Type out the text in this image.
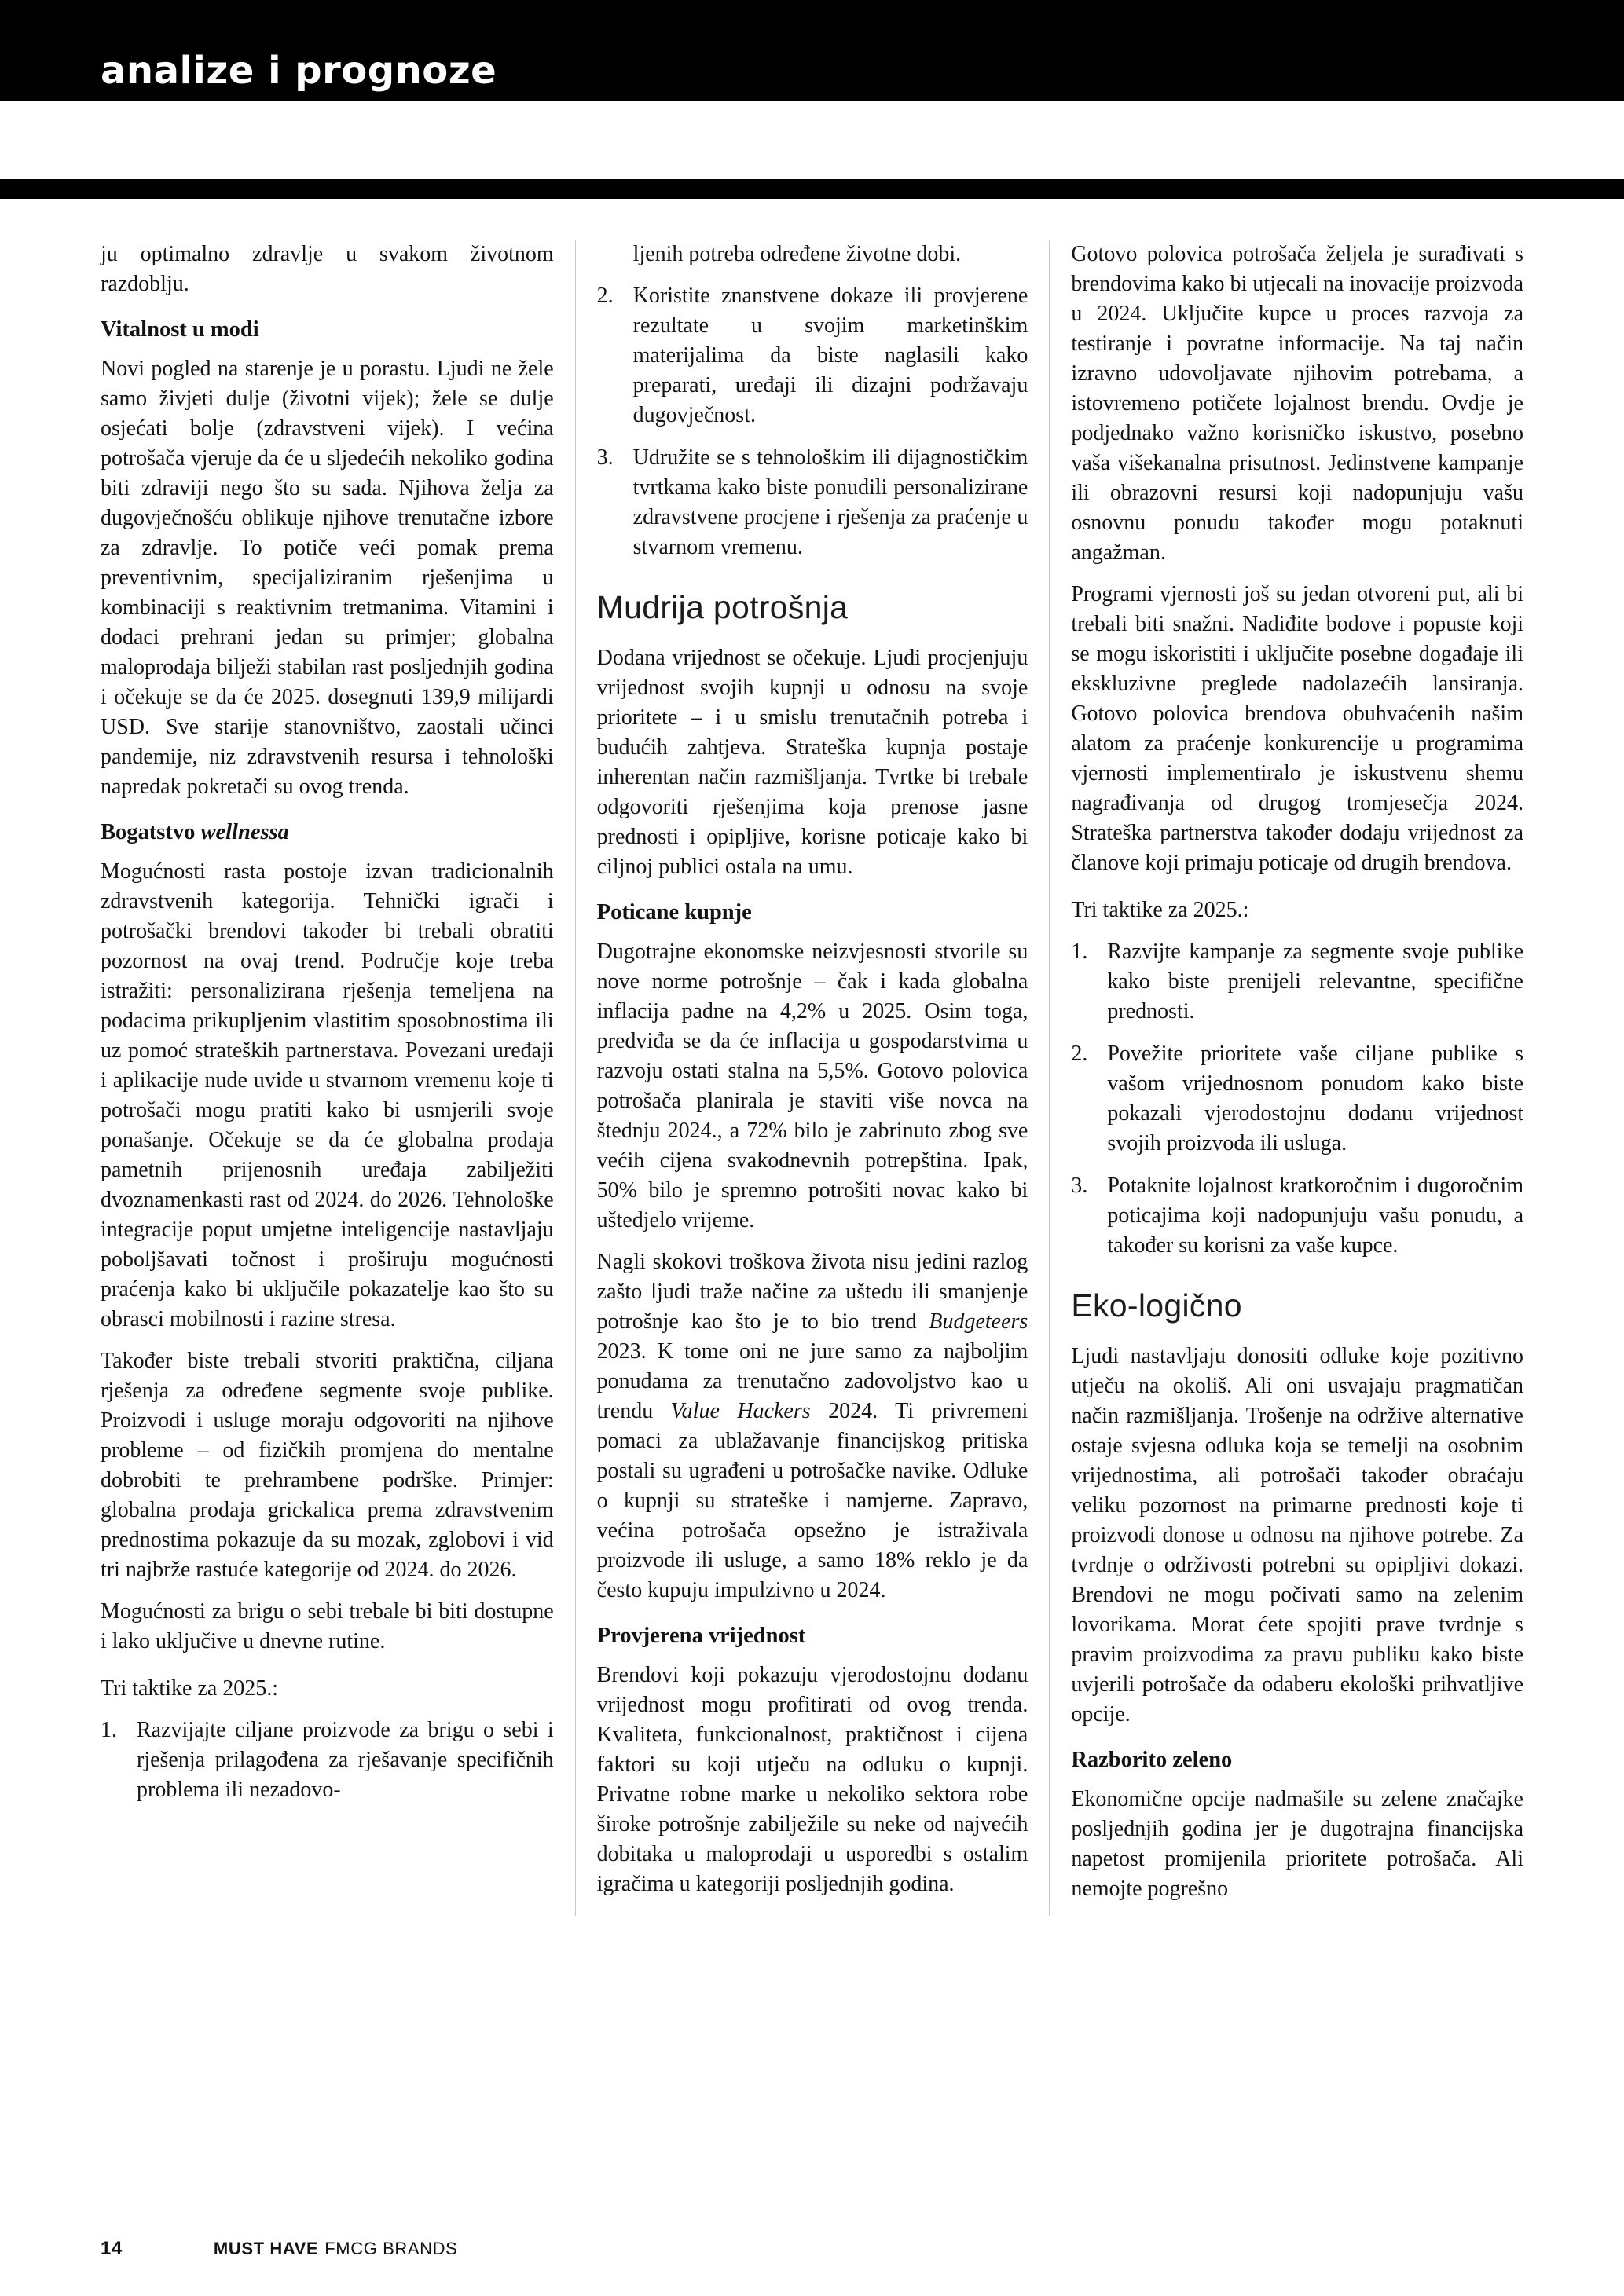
analize i prognoze

ju optimalno zdravlje u svakom životnom razdoblju.

Vitalnost u modi

Novi pogled na starenje je u porastu. Ljudi ne žele samo živjeti dulje (životni vijek); žele se dulje osjećati bolje (zdravstveni vijek). I većina potrošača vjeruje da će u sljedećih nekoliko godina biti zdraviji nego što su sada. Njihova želja za dugovječnošću oblikuje njihove trenutačne izbore za zdravlje. To potiče veći pomak prema preventivnim, specijaliziranim rješenjima u kombinaciji s reaktivnim tretmanima. Vitamini i dodaci prehrani jedan su primjer; globalna maloprodaja bilježi stabilan rast posljednjih godina i očekuje se da će 2025. dosegnuti 139,9 milijardi USD. Sve starije stanovništvo, zaostali učinci pandemije, niz zdravstvenih resursa i tehnološki napredak pokretači su ovog trenda.

Bogatstvo wellnessa

Mogućnosti rasta postoje izvan tradicionalnih zdravstvenih kategorija. Tehnički igrači i potrošački brendovi također bi trebali obratiti pozornost na ovaj trend. Područje koje treba istražiti: personalizirana rješenja temeljena na podacima prikupljenim vlastitim sposobnostima ili uz pomoć strateških partnerstava. Povezani uređaji i aplikacije nude uvide u stvarnom vremenu koje ti potrošači mogu pratiti kako bi usmjerili svoje ponašanje. Očekuje se da će globalna prodaja pametnih prijenosnih uređaja zabilježiti dvoznamenkasti rast od 2024. do 2026. Tehnološke integracije poput umjetne inteligencije nastavljaju poboljšavati točnost i proširuju mogućnosti praćenja kako bi uključile pokazatelje kao što su obrasci mobilnosti i razine stresa.

Također biste trebali stvoriti praktična, ciljana rješenja za određene segmente svoje publike. Proizvodi i usluge moraju odgovoriti na njihove probleme – od fizičkih promjena do mentalne dobrobiti te prehrambene podrške. Primjer: globalna prodaja grickalica prema zdravstvenim prednostima pokazuje da su mozak, zglobovi i vid tri najbrže rastuće kategorije od 2024. do 2026.

Mogućnosti za brigu o sebi trebale bi biti dostupne i lako uključive u dnevne rutine.

Tri taktike za 2025.:

1. Razvijajte ciljane proizvode za brigu o sebi i rješenja prilagođena za rješavanje specifičnih problema ili nezadovo-

ljenih potreba određene životne dobi.

2. Koristite znanstvene dokaze ili provjerene rezultate u svojim marketinškim materijalima da biste naglasili kako preparati, uređaji ili dizajni podržavaju dugovječnost.
3. Udružite se s tehnološkim ili dijagnostičkim tvrtkama kako biste ponudili personalizirane zdravstvene procjene i rješenja za praćenje u stvarnom vremenu.
Mudrija potrošnja

Dodana vrijednost se očekuje. Ljudi procjenjuju vrijednost svojih kupnji u odnosu na svoje prioritete – i u smislu trenutačnih potreba i budućih zahtjeva. Strateška kupnja postaje inherentan način razmišljanja. Tvrtke bi trebale odgovoriti rješenjima koja prenose jasne prednosti i opipljive, korisne poticaje kako bi ciljnoj publici ostala na umu.

Poticane kupnje

Dugotrajne ekonomske neizvjesnosti stvorile su nove norme potrošnje – čak i kada globalna inflacija padne na 4,2% u 2025. Osim toga, predviđa se da će inflacija u gospodarstvima u razvoju ostati stalna na 5,5%. Gotovo polovica potrošača planirala je staviti više novca na štednju 2024., a 72% bilo je zabrinuto zbog sve većih cijena svakodnevnih potrepština. Ipak, 50% bilo je spremno potrošiti novac kako bi uštedjelo vrijeme.

Nagli skokovi troškova života nisu jedini razlog zašto ljudi traže načine za uštedu ili smanjenje potrošnje kao što je to bio trend Budgeteers 2023. K tome oni ne jure samo za najboljim ponudama za trenutačno zadovoljstvo kao u trendu Value Hackers 2024. Ti privremeni pomaci za ublažavanje financijskog pritiska postali su ugrađeni u potrošačke navike. Odluke o kupnji su strateške i namjerne. Zapravo, većina potrošača opsežno je istraživala proizvode ili usluge, a samo 18% reklo je da često kupuju impulzivno u 2024.

Provjerena vrijednost

Brendovi koji pokazuju vjerodostojnu dodanu vrijednost mogu profitirati od ovog trenda. Kvaliteta, funkcionalnost, praktičnost i cijena faktori su koji utječu na odluku o kupnji. Privatne robne marke u nekoliko sektora robe široke potrošnje zabilježile su neke od najvećih dobitaka u maloprodaji u usporedbi s ostalim igračima u kategoriji posljednjih godina.

Gotovo polovica potrošača željela je surađivati s brendovima kako bi utjecali na inovacije proizvoda u 2024. Uključite kupce u proces razvoja za testiranje i povratne informacije. Na taj način izravno udovoljavate njihovim potrebama, a istovremeno potičete lojalnost brendu. Ovdje je podjednako važno korisničko iskustvo, posebno vaša višekanalna prisutnost. Jedinstvene kampanje ili obrazovni resursi koji nadopunjuju vašu osnovnu ponudu također mogu potaknuti angažman.

Programi vjernosti još su jedan otvoreni put, ali bi trebali biti snažni. Nadiđite bodove i popuste koji se mogu iskoristiti i uključite posebne događaje ili ekskluzivne preglede nadolazećih lansiranja. Gotovo polovica brendova obuhvaćenih našim alatom za praćenje konkurencije u programima vjernosti implementiralo je iskustvenu shemu nagrađivanja od drugog tromjesečja 2024. Strateška partnerstva također dodaju vrijednost za članove koji primaju poticaje od drugih brendova.

Tri taktike za 2025.:

1. Razvijte kampanje za segmente svoje publike kako biste prenijeli relevantne, specifične prednosti.
2. Povežite prioritete vaše ciljane publike s vašom vrijednosnom ponudom kako biste pokazali vjerodostojnu dodanu vrijednost svojih proizvoda ili usluga.
3. Potaknite lojalnost kratkoročnim i dugoročnim poticajima koji nadopunjuju vašu ponudu, a također su korisni za vaše kupce.
Eko-logično

Ljudi nastavljaju donositi odluke koje pozitivno utječu na okoliš. Ali oni usvajaju pragmatičan način razmišljanja. Trošenje na održive alternative ostaje svjesna odluka koja se temelji na osobnim vrijednostima, ali potrošači također obraćaju veliku pozornost na primarne prednosti koje ti proizvodi donose u odnosu na njihove potrebe. Za tvrdnje o održivosti potrebni su opipljivi dokazi. Brendovi ne mogu počivati samo na zelenim lovorikama. Morat ćete spojiti prave tvrdnje s pravim proizvodima za pravu publiku kako biste uvjerili potrošače da odaberu ekološki prihvatljive opcije.

Razborito zeleno

Ekonomične opcije nadmašile su zelene značajke posljednjih godina jer je dugotrajna financijska napetost promijenila prioritete potrošača. Ali nemojte pogrešno

14	MUST HAVE FMCG BRANDS
